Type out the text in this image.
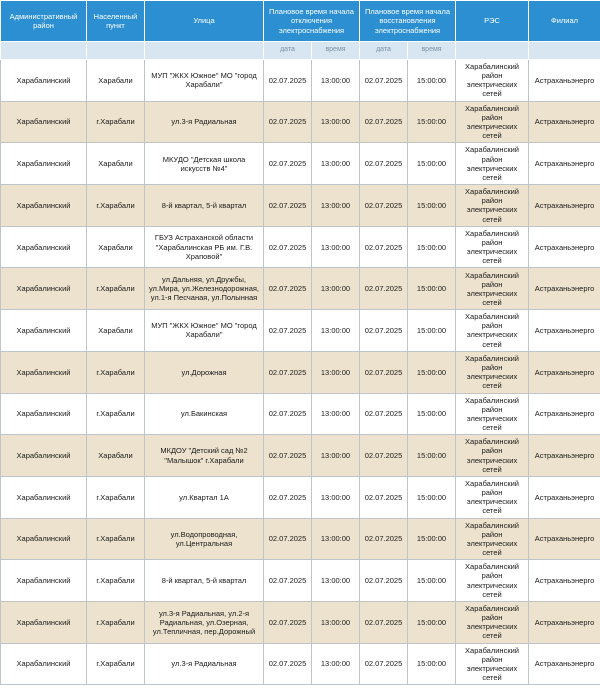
Административный район	Населенный пункт	Улица	Плановое время начала отключения электроснабжения		Плановое время начала восстановления электроснабжения		РЭС	Филиал
			дата	время	дата	время		
Харабалинский	Харабали	МУП "ЖКХ Южное" МО "город Харабали"	02.07.2025	13:00:00	02.07.2025	15:00:00	Харабалинский район электрических сетей	Астраханьэнерго
Харабалинский	г.Харабали	ул.3-я Радиальная	02.07.2025	13:00:00	02.07.2025	15:00:00	Харабалинский район электрических сетей	Астраханьэнерго
Харабалинский	Харабали	МКУДО "Детская школа искусств №4"	02.07.2025	13:00:00	02.07.2025	15:00:00	Харабалинский район электрических сетей	Астраханьэнерго
Харабалинский	г.Харабали	8-й квартал, 5-й квартал	02.07.2025	13:00:00	02.07.2025	15:00:00	Харабалинский район электрических сетей	Астраханьэнерго
Харабалинский	Харабали	ГБУЗ Астраханской области "Харабалинская РБ им. Г.В. Храповой"	02.07.2025	13:00:00	02.07.2025	15:00:00	Харабалинский район электрических сетей	Астраханьэнерго
Харабалинский	г.Харабали	ул.Дальняя, ул.Дружбы, ул.Мира, ул.Железнодорожная, ул.1-я Песчаная, ул.Полынная	02.07.2025	13:00:00	02.07.2025	15:00:00	Харабалинский район электрических сетей	Астраханьэнерго
Харабалинский	Харабали	МУП "ЖКХ Южное" МО "город Харабали"	02.07.2025	13:00:00	02.07.2025	15:00:00	Харабалинский район электрических сетей	Астраханьэнерго
Харабалинский	г.Харабали	ул.Дорожная	02.07.2025	13:00:00	02.07.2025	15:00:00	Харабалинский район электрических сетей	Астраханьэнерго
Харабалинский	г.Харабали	ул.Бакинская	02.07.2025	13:00:00	02.07.2025	15:00:00	Харабалинский район электрических сетей	Астраханьэнерго
Харабалинский	Харабали	МКДОУ "Детский сад №2 "Малышок" г.Харабали	02.07.2025	13:00:00	02.07.2025	15:00:00	Харабалинский район электрических сетей	Астраханьэнерго
Харабалинский	г.Харабали	ул.Квартал 1А	02.07.2025	13:00:00	02.07.2025	15:00:00	Харабалинский район электрических сетей	Астраханьэнерго
Харабалинский	г.Харабали	ул.Водопроводная, ул.Центральная	02.07.2025	13:00:00	02.07.2025	15:00:00	Харабалинский район электрических сетей	Астраханьэнерго
Харабалинский	г.Харабали	8-й квартал, 5-й квартал	02.07.2025	13:00:00	02.07.2025	15:00:00	Харабалинский район электрических сетей	Астраханьэнерго
Харабалинский	г.Харабали	ул.3-я Радиальная, ул.2-я Радиальная, ул.Озерная, ул.Тепличная, пер.Дорожный	02.07.2025	13:00:00	02.07.2025	15:00:00	Харабалинский район электрических сетей	Астраханьэнерго
Харабалинский	г.Харабали	ул.3-я Радиальная	02.07.2025	13:00:00	02.07.2025	15:00:00	Харабалинский район электрических сетей	Астраханьэнерго
